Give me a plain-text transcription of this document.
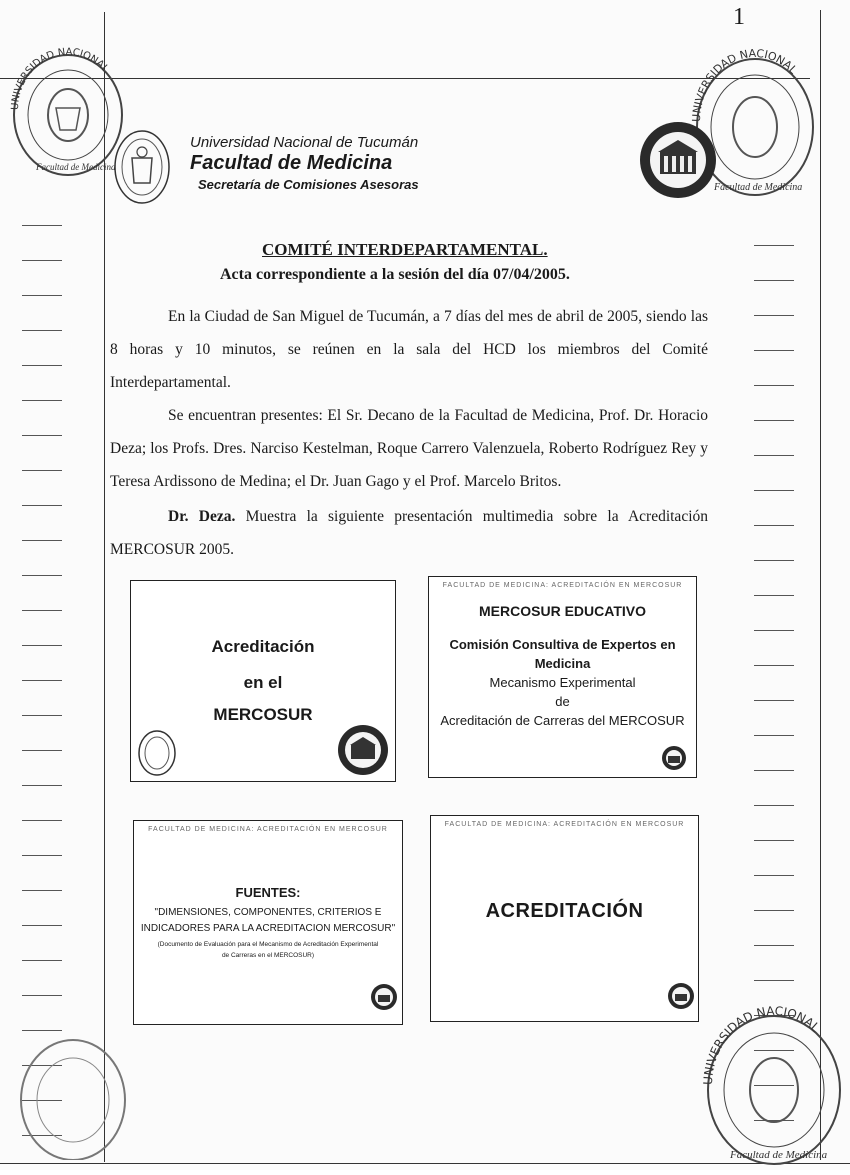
1
UNIVERSIDAD NACIONAL
Facultad de Medicina
UNIVERSIDAD NACIONAL
Facultad de Medicina
UNIVERSIDAD NACIONAL
Facultad de Medicina
Universidad Nacional de Tucumán
Facultad de Medicina
Secretaría de Comisiones Asesoras
COMITÉ INTERDEPARTAMENTAL.
Acta correspondiente a la sesión del día 07/04/2005.
En la Ciudad de San Miguel de Tucumán, a 7 días del mes de abril de 2005, siendo las 8 horas y 10 minutos, se reúnen en la sala del HCD los miembros del Comité Interdepartamental.
Se encuentran presentes: El Sr. Decano de la Facultad de Medicina, Prof. Dr. Horacio Deza; los Profs. Dres. Narciso Kestelman, Roque Carrero Valenzuela, Roberto Rodríguez Rey y Teresa Ardissono de Medina; el Dr. Juan Gago y el Prof. Marcelo Britos.
Dr. Deza. Muestra la siguiente presentación multimedia sobre la Acreditación MERCOSUR 2005.
Acreditación
en el
MERCOSUR
FACULTAD DE MEDICINA: ACREDITACIÓN EN MERCOSUR
MERCOSUR EDUCATIVO
Comisión Consultiva de Expertos en
Medicina
Mecanismo Experimental
de
Acreditación de Carreras del MERCOSUR
FACULTAD DE MEDICINA: ACREDITACIÓN EN MERCOSUR
FUENTES:
"DIMENSIONES, COMPONENTES, CRITERIOS E
INDICADORES PARA LA ACREDITACION MERCOSUR"
(Documento de Evaluación para el Mecanismo de Acreditación Experimental
de Carreras en el MERCOSUR)
FACULTAD DE MEDICINA: ACREDITACIÓN EN MERCOSUR
ACREDITACIÓN
